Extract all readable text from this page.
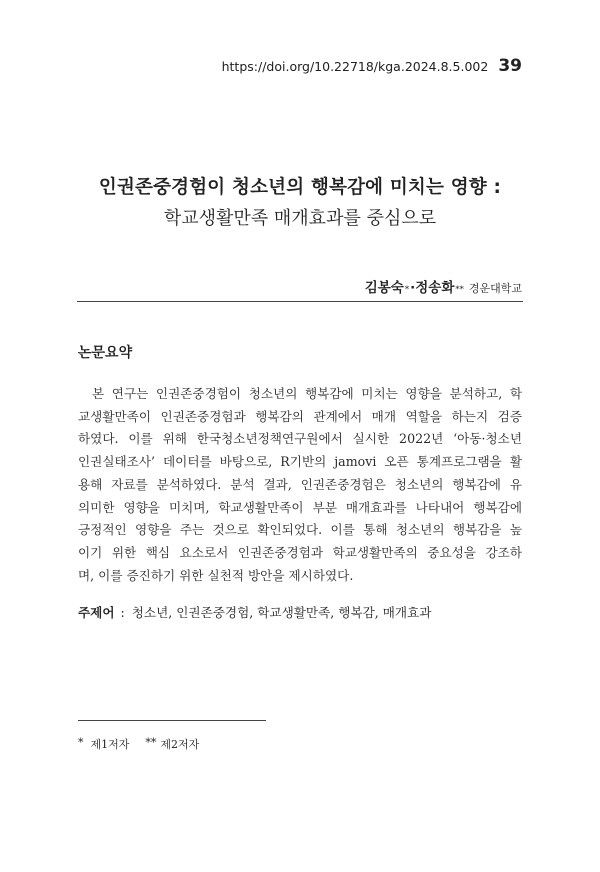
https://doi.org/10.22718/kga.2024.8.5.002 39
인권존중경험이 청소년의 행복감에 미치는 영향 :
학교생활만족 매개효과를 중심으로
김봉숙 * · 정송화 ** 경운대학교
논문요약
본 연구는 인권존중경험이 청소년의 행복감에 미치는 영향을 분석하고, 학
교생활만족이 인권존중경험과 행복감의 관계에서 매개 역할을 하는지 검증
하였다. 이를 위해 한국청소년정책연구원에서 실시한 2022년 ‘아동·청소년
인권실태조사’ 데이터를 바탕으로, R기반의 jamovi 오픈 통계프로그램을 활
용해 자료를 분석하였다. 분석 결과, 인권존중경험은 청소년의 행복감에 유
의미한 영향을 미치며, 학교생활만족이 부분 매개효과를 나타내어 행복감에
긍정적인 영향을 주는 것으로 확인되었다. 이를 통해 청소년의 행복감을 높
이기 위한 핵심 요소로서 인권존중경험과 학교생활만족의 중요성을 강조하
며, 이를 증진하기 위한 실천적 방안을 제시하였다.
주제어 : 청소년, 인권존중경험, 학교생활만족, 행복감, 매개효과
* 제1저자 ** 제2저자
